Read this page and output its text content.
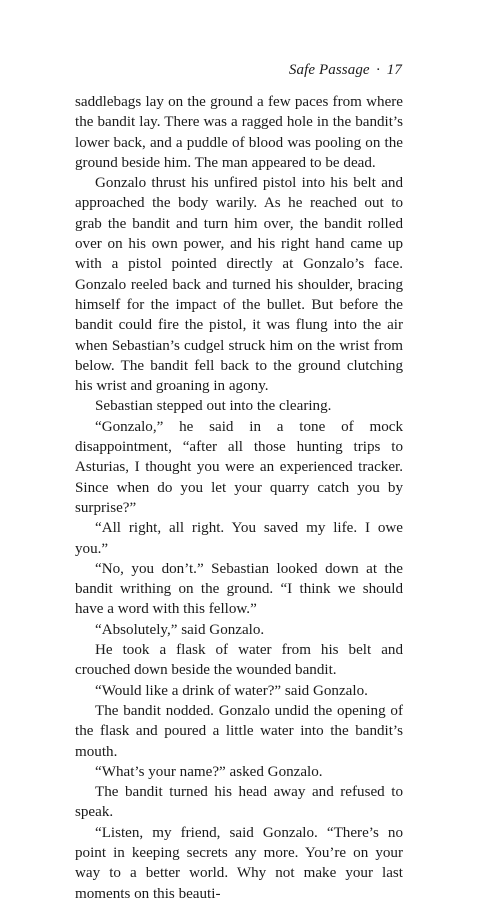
Safe Passage · 17

saddlebags lay on the ground a few paces from where the bandit lay. There was a ragged hole in the bandit’s lower back, and a puddle of blood was pooling on the ground beside him. The man appeared to be dead.

Gonzalo thrust his unfired pistol into his belt and approached the body warily. As he reached out to grab the bandit and turn him over, the bandit rolled over on his own power, and his right hand came up with a pistol pointed directly at Gonzalo’s face. Gonzalo reeled back and turned his shoulder, bracing himself for the impact of the bullet. But before the bandit could fire the pistol, it was flung into the air when Sebastian’s cudgel struck him on the wrist from below. The bandit fell back to the ground clutching his wrist and groaning in agony.

Sebastian stepped out into the clearing.

“Gonzalo,” he said in a tone of mock disappointment, “after all those hunting trips to Asturias, I thought you were an experienced tracker. Since when do you let your quarry catch you by surprise?”

“All right, all right. You saved my life. I owe you.”

“No, you don’t.” Sebastian looked down at the bandit writhing on the ground. “I think we should have a word with this fellow.”

“Absolutely,” said Gonzalo.

He took a flask of water from his belt and crouched down beside the wounded bandit.

“Would like a drink of water?” said Gonzalo.

The bandit nodded. Gonzalo undid the opening of the flask and poured a little water into the bandit’s mouth.

“What’s your name?” asked Gonzalo.

The bandit turned his head away and refused to speak.

“Listen, my friend, said Gonzalo. “There’s no point in keeping secrets any more. You’re on your way to a better world. Why not make your last moments on this beauti-
